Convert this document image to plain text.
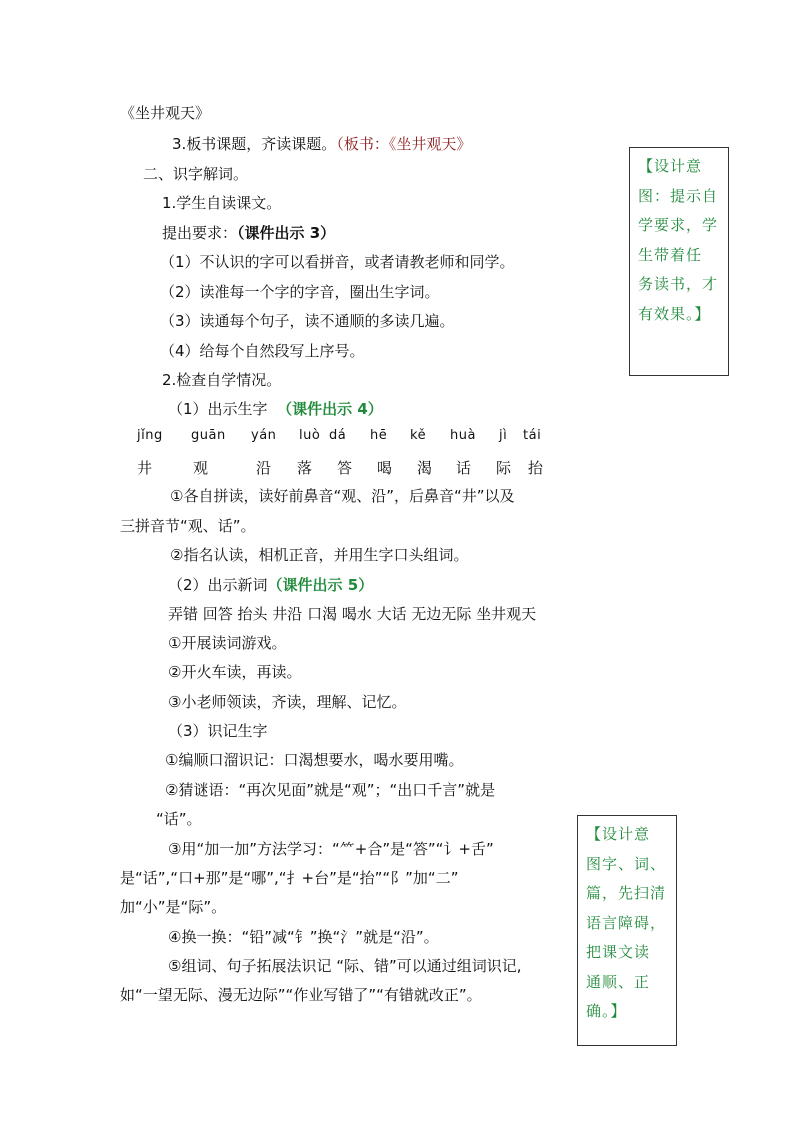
《坐井观天》
3.板书课题，齐读课题。（板书：《坐井观天》
二、识字解词。
1.学生自读课文。
提出要求：（课件出示 3）
（1）不认识的字可以看拼音，或者请教老师和同学。
（2）读准每一个字的字音，圈出生字词。
（3）读通每个句子，读不通顺的多读几遍。
（4）给每个自然段写上序号。
2.检查自学情况。
（1）出示生字 （课件出示 4）
jǐng guān yán luò dá hē kě huà jì tái
井	观	沿 落 答 喝 渴 话 际 抬
①各自拼读，读好前鼻音“观、沿”，后鼻音“井”以及
三拼音节“观、话”。
②指名认读，相机正音，并用生字口头组词。
（2）出示新词（课件出示 5）
弄错 回答 抬头 井沿 口渴 喝水 大话 无边无际 坐井观天
①开展读词游戏。
②开火车读，再读。
③小老师领读，齐读，理解、记忆。
（3）识记生字
①编顺口溜识记：口渴想要水，喝水要用嘴。
②猜谜语：“再次见面”就是“观”；“出口千言”就是
“话”。
③用“加一加”方法学习：“⺮+合”是“答”“讠+舌”
是“话”,“口+那”是“哪”,“扌+台”是“抬”“阝”加“二”
加“小”是“际”。
④换一换：“铅”减“钅”换“氵”就是“沿”。
⑤组词、句子拓展法识记 “际、错”可以通过组词识记,
如“一望无际、漫无边际”“作业写错了”“有错就改正”。
【设计意
图：提示自
学要求，学
生带着任
务读书，才
有效果。】
【设计意
图字、词、
篇，先扫清
语言障碍，
把课文读
通顺、正
确。】
